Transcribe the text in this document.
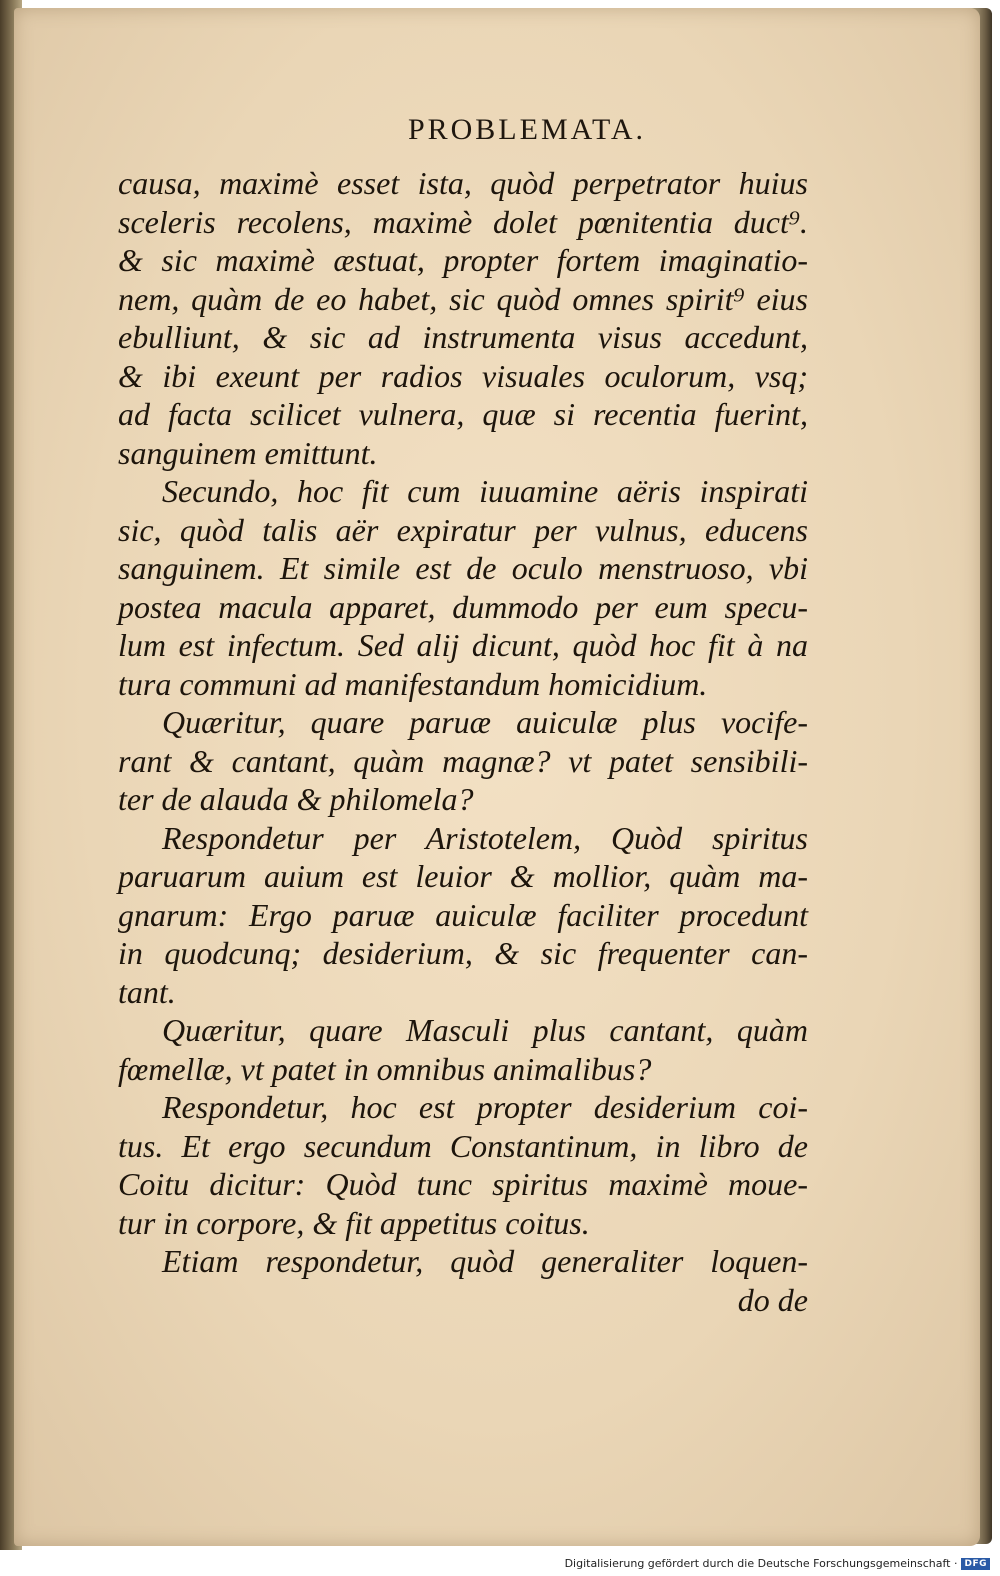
PROBLEMATA.
causa, maximè esset ista, quòd perpetrator huius
sceleris recolens, maximè dolet pœnitentia duct⁹.
& sic maximè æstuat, propter fortem imaginatio-
nem, quàm de eo habet, sic quòd omnes spirit⁹ eius
ebulliunt, & sic ad instrumenta visus accedunt,
& ibi exeunt per radios visuales oculorum, vsq;
ad facta scilicet vulnera, quæ si recentia fuerint,
sanguinem emittunt.
Secundo, hoc fit cum iuuamine aëris inspirati
sic, quòd talis aër expiratur per vulnus, educens
sanguinem. Et simile est de oculo menstruoso, vbi
postea macula apparet, dummodo per eum specu-
lum est infectum. Sed alij dicunt, quòd hoc fit à na
tura communi ad manifestandum homicidium.
Quæritur, quare paruæ auiculæ plus vocife-
rant & cantant, quàm magnæ? vt patet sensibili-
ter de alauda & philomela?
Respondetur per Aristotelem, Quòd spiritus
paruarum auium est leuior & mollior, quàm ma-
gnarum: Ergo paruæ auiculæ faciliter procedunt
in quodcunq; desiderium, & sic frequenter can-
tant.
Quæritur, quare Masculi plus cantant, quàm
fœmellæ, vt patet in omnibus animalibus?
Respondetur, hoc est propter desiderium coi-
tus. Et ergo secundum Constantinum, in libro de
Coitu dicitur: Quòd tunc spiritus maximè moue-
tur in corpore, & fit appetitus coitus.
Etiam respondetur, quòd generaliter loquen-
do de
Digitalisierung gefördert durch die Deutsche Forschungsgemeinschaft · DFG
